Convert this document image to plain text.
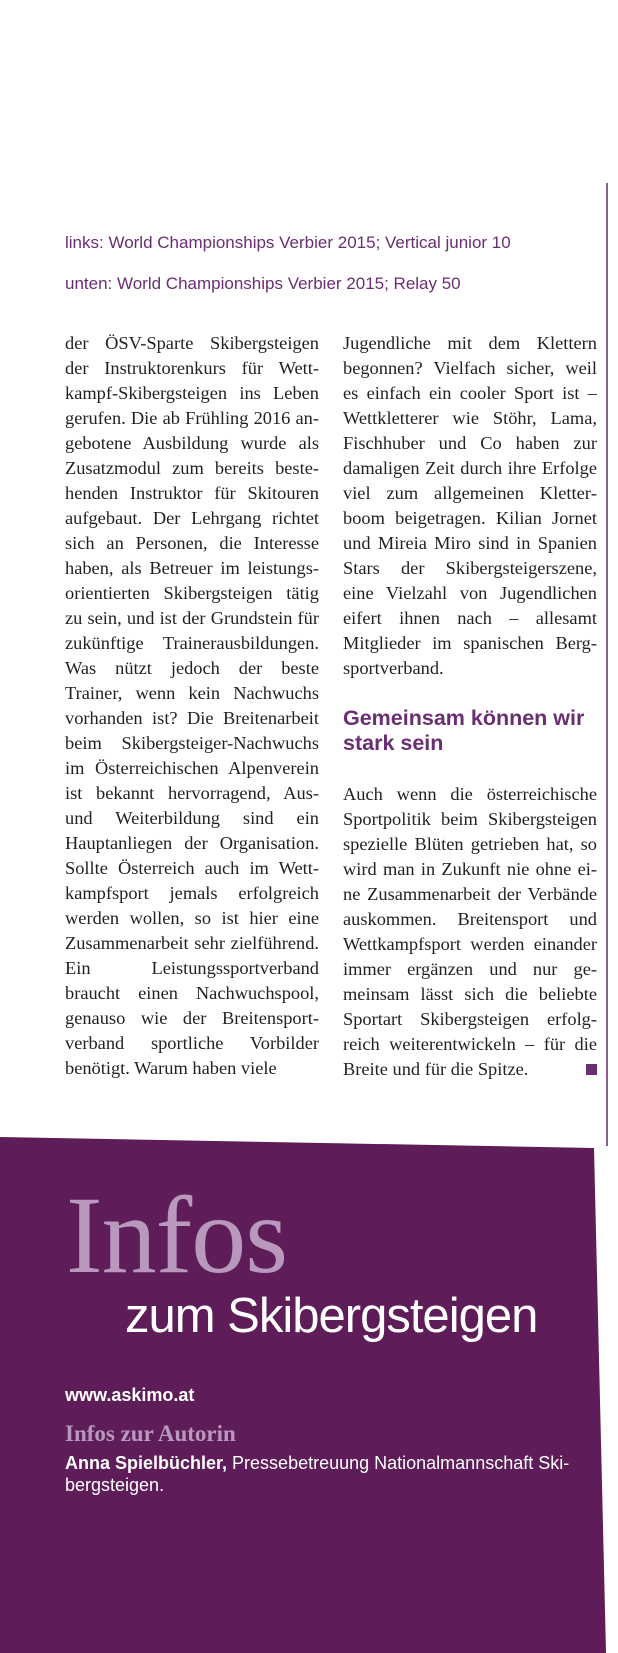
links: World Championships Verbier 2015; Vertical junior 10
unten: World Championships Verbier 2015; Relay 50

der ÖSV-Sparte Skibergsteigen der Instruktorenkurs für Wettkampf-Skibergsteigen ins Leben gerufen. Die ab Frühling 2016 angebotene Ausbildung wurde als Zusatzmodul zum bereits bestehenden Instruktor für Skitouren aufgebaut. Der Lehrgang richtet sich an Personen, die Interesse haben, als Betreuer im leistungsorientierten Skibergsteigen tätig zu sein, und ist der Grundstein für zukünftige Trainerausbildungen. Was nützt jedoch der beste Trainer, wenn kein Nachwuchs vorhanden ist? Die Breitenarbeit beim Skibergsteiger-Nachwuchs im Österreichischen Alpenverein ist bekannt hervorragend, Aus- und Weiterbildung sind ein Hauptanliegen der Organisation. Sollte Österreich auch im Wettkampfsport jemals erfolgreich werden wollen, so ist hier eine Zusammenarbeit sehr zielführend. Ein Leistungssportverband braucht einen Nachwuchspool, genauso wie der Breitensportverband sportliche Vorbilder benötigt. Warum haben viele

Jugendliche mit dem Klettern begonnen? Vielfach sicher, weil es einfach ein cooler Sport ist – Wettkletterer wie Stöhr, Lama, Fischhuber und Co haben zur damaligen Zeit durch ihre Erfolge viel zum allgemeinen Kletterboom beigetragen. Kilian Jornet und Mireia Miro sind in Spanien Stars der Skibergsteigerszene, eine Vielzahl von Jugendlichen eifert ihnen nach – allesamt Mitglieder im spanischen Bergsportverband.

Gemeinsam können wir stark sein

Auch wenn die österreichische Sportpolitik beim Skibergsteigen spezielle Blüten getrieben hat, so wird man in Zukunft nie ohne eine Zusammenarbeit der Verbände auskommen. Breitensport und Wettkampfsport werden einander immer ergänzen und nur gemeinsam lässt sich die beliebte Sportart Skibergsteigen erfolgreich weiterentwickeln – für die Breite und für die Spitze.

Infos
zum Skibergsteigen
www.askimo.at
Infos zur Autorin
Anna Spielbüchler, Pressebetreuung Nationalmannschaft Skibergsteigen.
